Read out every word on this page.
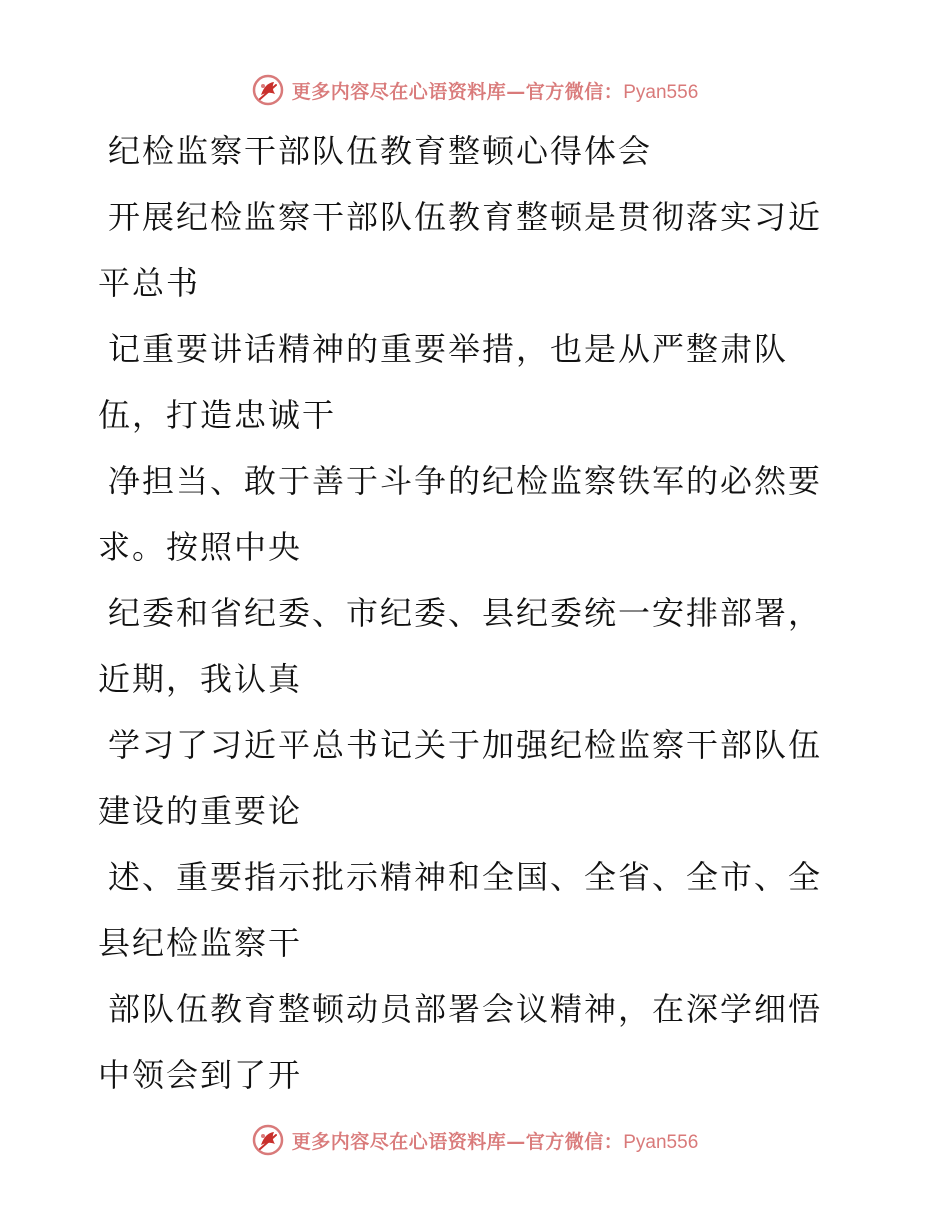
更多内容尽在心语资料库—官方微信：Pyan556
纪检监察干部队伍教育整顿心得体会
开展纪检监察干部队伍教育整顿是贯彻落实习近
平总书
记重要讲话精神的重要举措，也是从严整肃队
伍，打造忠诚干
净担当、敢于善于斗争的纪检监察铁军的必然要
求。按照中央
纪委和省纪委、市纪委、县纪委统一安排部署，
近期，我认真
学习了习近平总书记关于加强纪检监察干部队伍
建设的重要论
述、重要指示批示精神和全国、全省、全市、全
县纪检监察干
部队伍教育整顿动员部署会议精神，在深学细悟
中领会到了开
更多内容尽在心语资料库—官方微信：Pyan556
